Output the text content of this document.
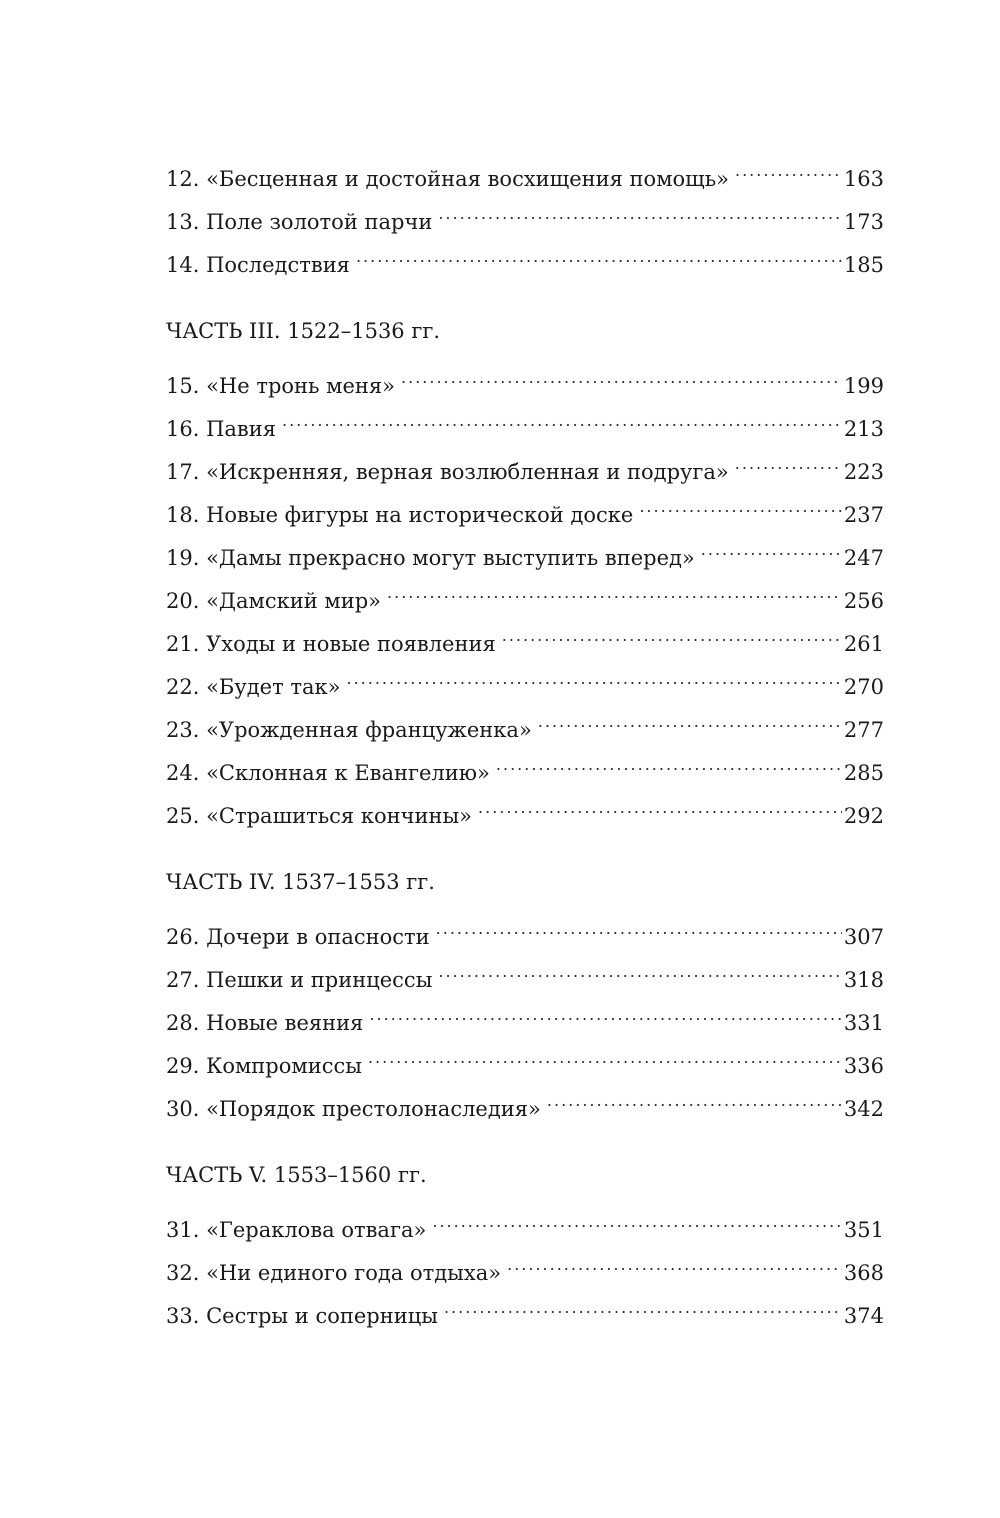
12. «Бесценная и достойная восхищения помощь» .....	163
13. Поле золотой парчи .....	173
14. Последствия .....	185
ЧАСТЬ III. 1522–1536 гг.
15. «Не тронь меня» .....	199
16. Павия .....	213
17. «Искренняя, верная возлюбленная и подруга» .....	223
18. Новые фигуры на исторической доске .....	237
19. «Дамы прекрасно могут выступить вперед» .....	247
20. «Дамский мир» .....	256
21. Уходы и новые появления .....	261
22. «Будет так» .....	270
23. «Урожденная француженка» .....	277
24. «Склонная к Евангелию» .....	285
25. «Страшиться кончины» .....	292
ЧАСТЬ IV. 1537–1553 гг.
26. Дочери в опасности .....	307
27. Пешки и принцессы .....	318
28. Новые веяния .....	331
29. Компромиссы .....	336
30. «Порядок престолонаследия» .....	342
ЧАСТЬ V. 1553–1560 гг.
31. «Гераклова отвага» .....	351
32. «Ни единого года отдыха» .....	368
33. Сестры и соперницы .....	374
